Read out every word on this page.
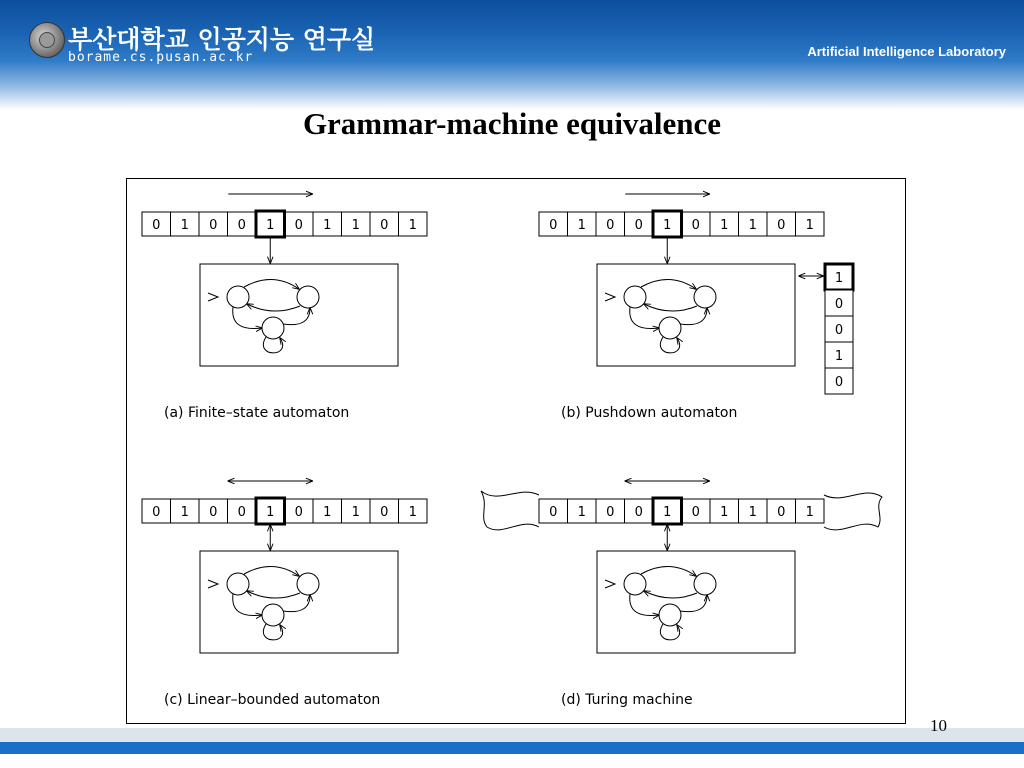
부산대학교 인공지능 연구실
borame.cs.pusan.ac.kr	Artificial Intelligence Laboratory
Grammar-machine equivalence
0 1 0 0 1 0 1 1 0 1
(a) Finite–state automaton
0 1 0 0 1 0 1 1 0 1
1
0
0
1
0
(b) Pushdown automaton
0 1 0 0 1 0 1 1 0 1
(c) Linear–bounded automaton
0 1 0 0 1 0 1 1 0 1
(d) Turing machine
10
